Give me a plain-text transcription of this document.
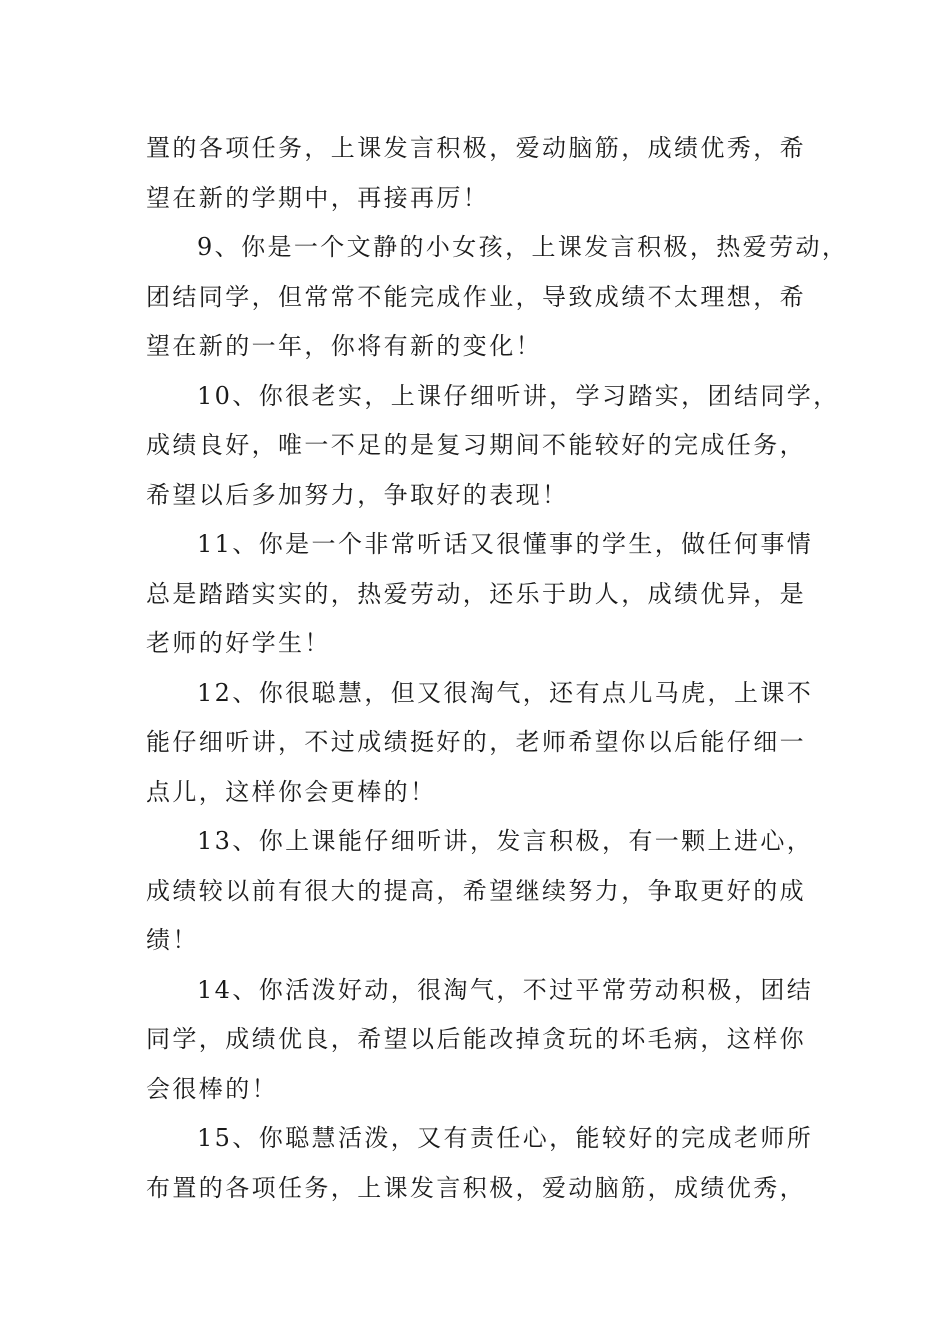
置的各项任务，上课发言积极，爱动脑筋，成绩优秀，希
望在新的学期中，再接再厉！
9、你是一个文静的小女孩，上课发言积极，热爱劳动，
团结同学，但常常不能完成作业，导致成绩不太理想，希
望在新的一年，你将有新的变化！
10、你很老实，上课仔细听讲，学习踏实，团结同学，
成绩良好，唯一不足的是复习期间不能较好的完成任务，
希望以后多加努力，争取好的表现！
11、你是一个非常听话又很懂事的学生，做任何事情
总是踏踏实实的，热爱劳动，还乐于助人，成绩优异，是
老师的好学生！
12、你很聪慧，但又很淘气，还有点儿马虎，上课不
能仔细听讲，不过成绩挺好的，老师希望你以后能仔细一
点儿，这样你会更棒的！
13、你上课能仔细听讲，发言积极，有一颗上进心，
成绩较以前有很大的提高，希望继续努力，争取更好的成
绩！
14、你活泼好动，很淘气，不过平常劳动积极，团结
同学，成绩优良，希望以后能改掉贪玩的坏毛病，这样你
会很棒的！
15、你聪慧活泼，又有责任心，能较好的完成老师所
布置的各项任务，上课发言积极，爱动脑筋，成绩优秀，
